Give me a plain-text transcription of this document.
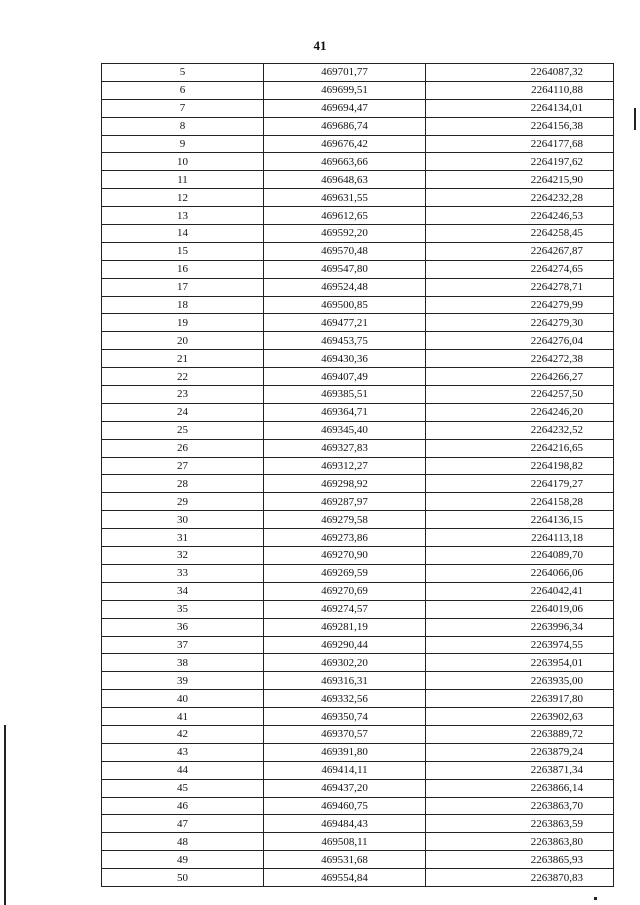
41
5	469701,77	2264087,32
6	469699,51	2264110,88
7	469694,47	2264134,01
8	469686,74	2264156,38
9	469676,42	2264177,68
10	469663,66	2264197,62
11	469648,63	2264215,90
12	469631,55	2264232,28
13	469612,65	2264246,53
14	469592,20	2264258,45
15	469570,48	2264267,87
16	469547,80	2264274,65
17	469524,48	2264278,71
18	469500,85	2264279,99
19	469477,21	2264279,30
20	469453,75	2264276,04
21	469430,36	2264272,38
22	469407,49	2264266,27
23	469385,51	2264257,50
24	469364,71	2264246,20
25	469345,40	2264232,52
26	469327,83	2264216,65
27	469312,27	2264198,82
28	469298,92	2264179,27
29	469287,97	2264158,28
30	469279,58	2264136,15
31	469273,86	2264113,18
32	469270,90	2264089,70
33	469269,59	2264066,06
34	469270,69	2264042,41
35	469274,57	2264019,06
36	469281,19	2263996,34
37	469290,44	2263974,55
38	469302,20	2263954,01
39	469316,31	2263935,00
40	469332,56	2263917,80
41	469350,74	2263902,63
42	469370,57	2263889,72
43	469391,80	2263879,24
44	469414,11	2263871,34
45	469437,20	2263866,14
46	469460,75	2263863,70
47	469484,43	2263863,59
48	469508,11	2263863,80
49	469531,68	2263865,93
50	469554,84	2263870,83
